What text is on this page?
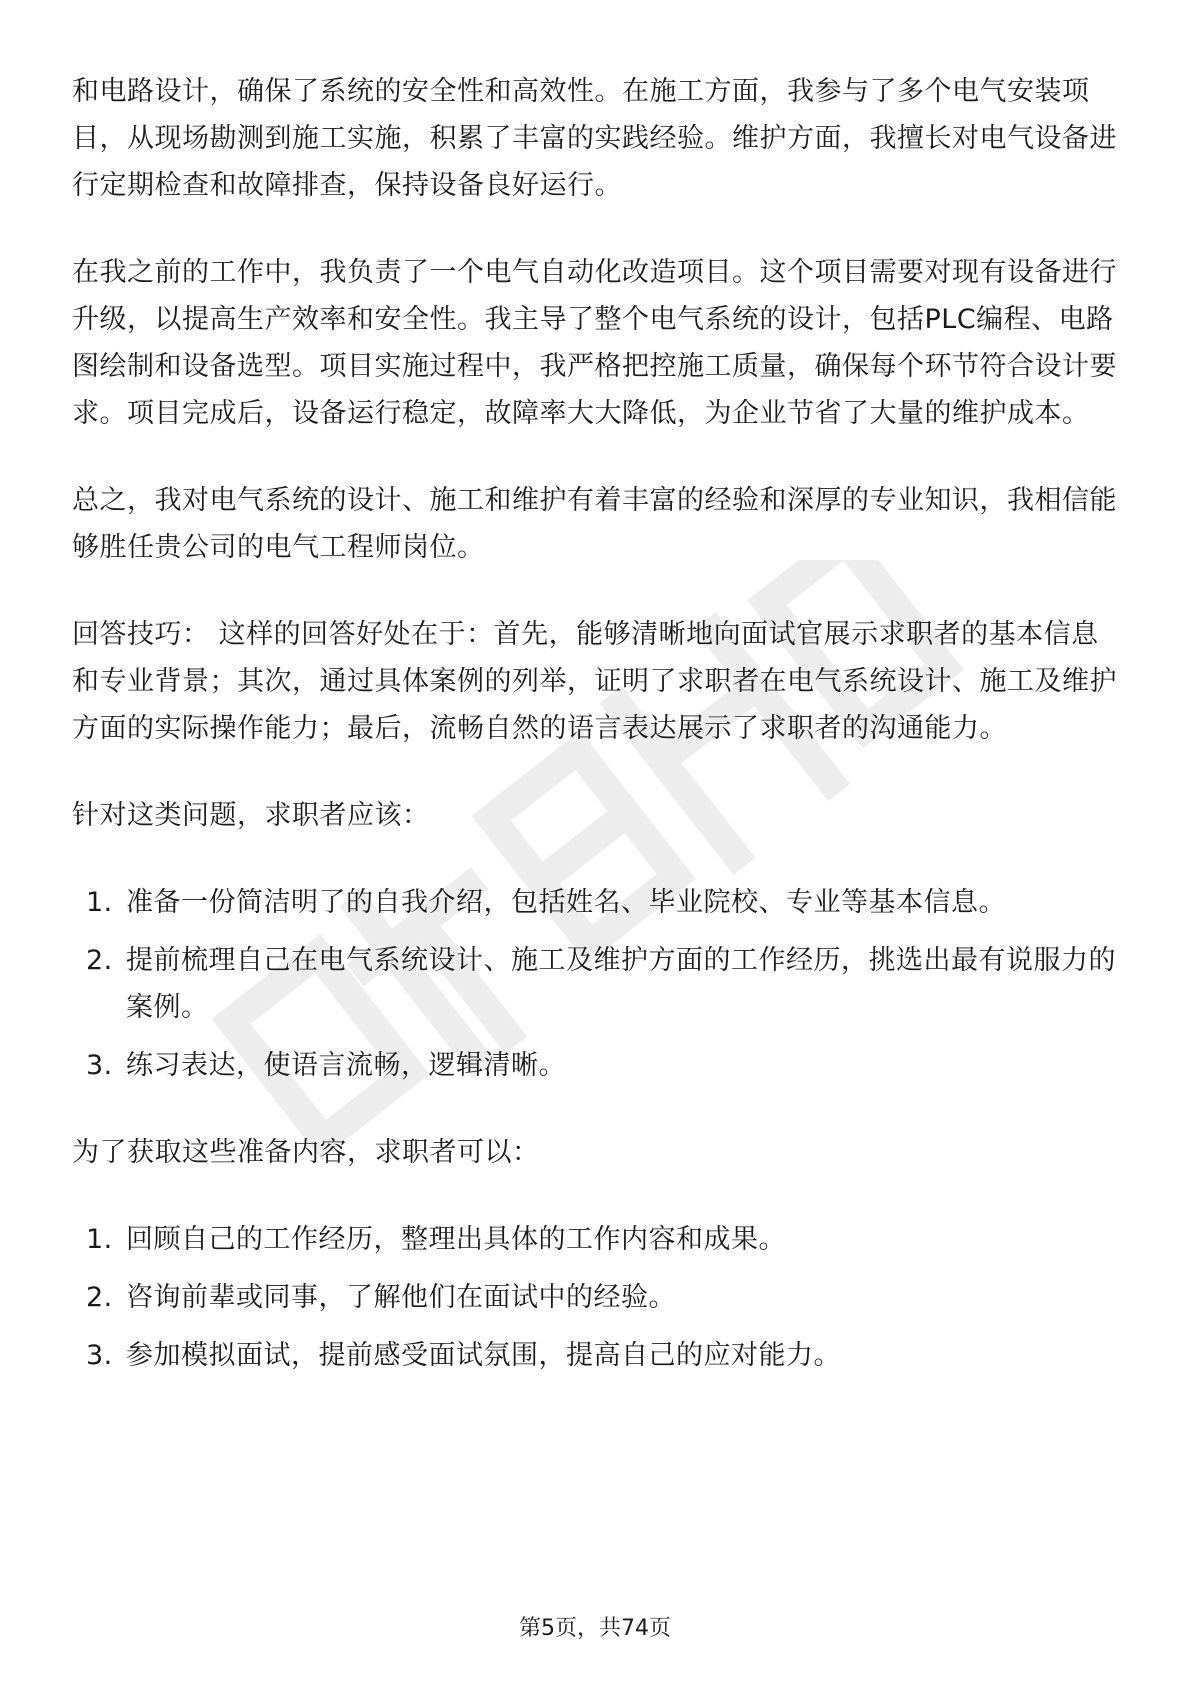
和电路设计，确保了系统的安全性和高效性。在施工方面，我参与了多个电气安装项目，从现场勘测到施工实施，积累了丰富的实践经验。维护方面，我擅长对电气设备进行定期检查和故障排查，保持设备良好运行。

在我之前的工作中，我负责了一个电气自动化改造项目。这个项目需要对现有设备进行升级，以提高生产效率和安全性。我主导了整个电气系统的设计，包括PLC编程、电路图绘制和设备选型。项目实施过程中，我严格把控施工质量，确保每个环节符合设计要求。项目完成后，设备运行稳定，故障率大大降低，为企业节省了大量的维护成本。

总之，我对电气系统的设计、施工和维护有着丰富的经验和深厚的专业知识，我相信能够胜任贵公司的电气工程师岗位。

回答技巧： 这样的回答好处在于：首先，能够清晰地向面试官展示求职者的基本信息和专业背景；其次，通过具体案例的列举，证明了求职者在电气系统设计、施工及维护方面的实际操作能力；最后，流畅自然的语言表达展示了求职者的沟通能力。

针对这类问题，求职者应该：

1. 准备一份简洁明了的自我介绍，包括姓名、毕业院校、专业等基本信息。
2. 提前梳理自己在电气系统设计、施工及维护方面的工作经历，挑选出最有说服力的案例。
3. 练习表达，使语言流畅，逻辑清晰。

为了获取这些准备内容，求职者可以：

1. 回顾自己的工作经历，整理出具体的工作内容和成果。
2. 咨询前辈或同事，了解他们在面试中的经验。
3. 参加模拟面试，提前感受面试氛围，提高自己的应对能力。
第5页，共74页
